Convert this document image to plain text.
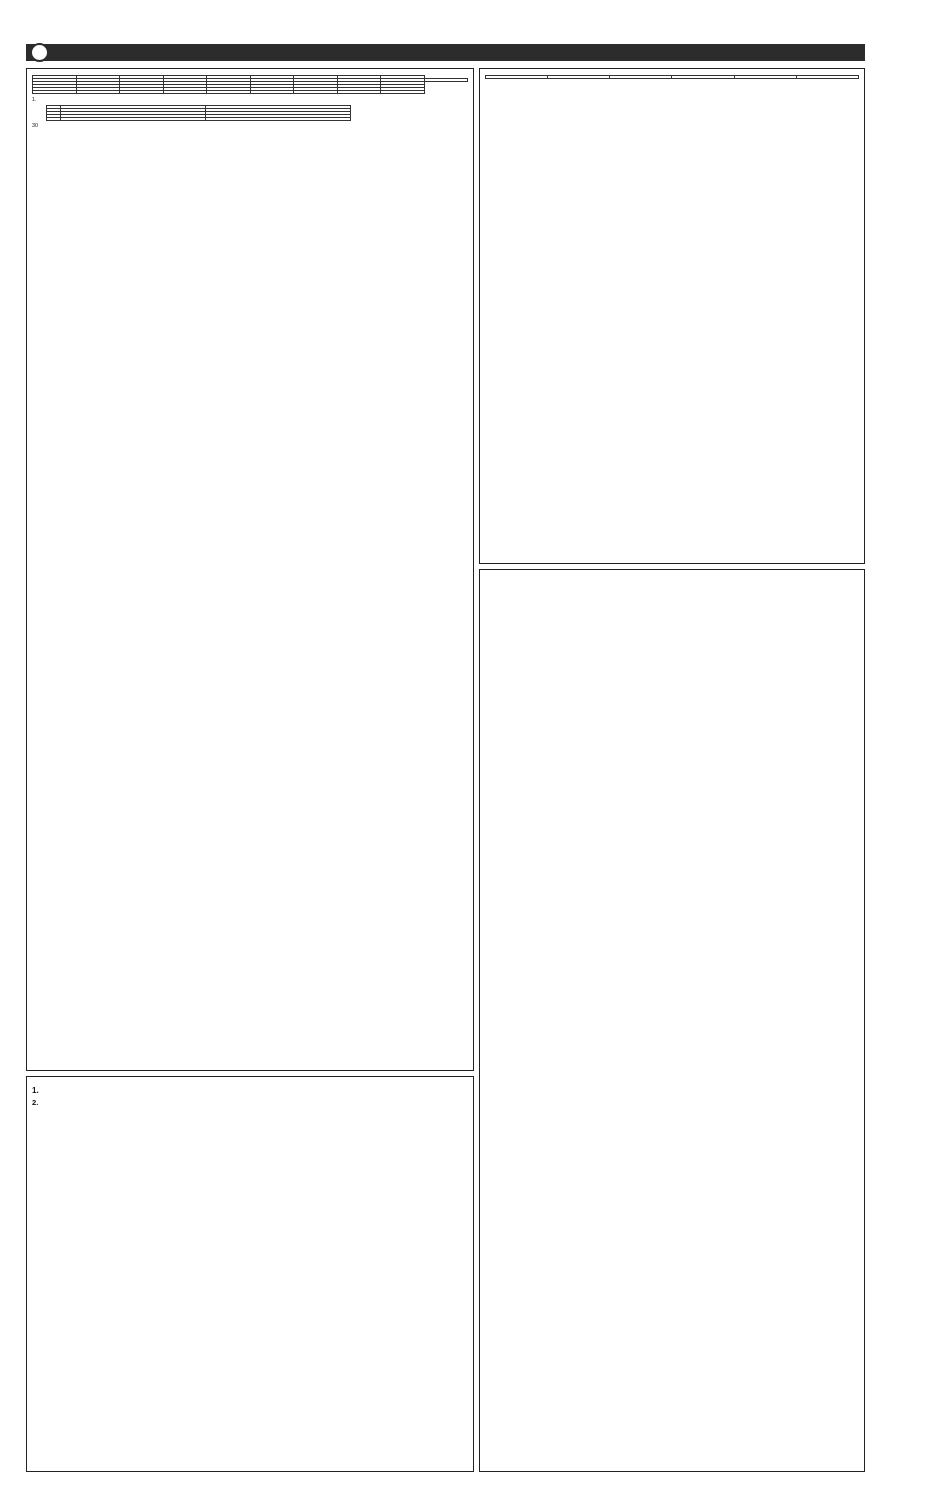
1.

30

1.
2.
